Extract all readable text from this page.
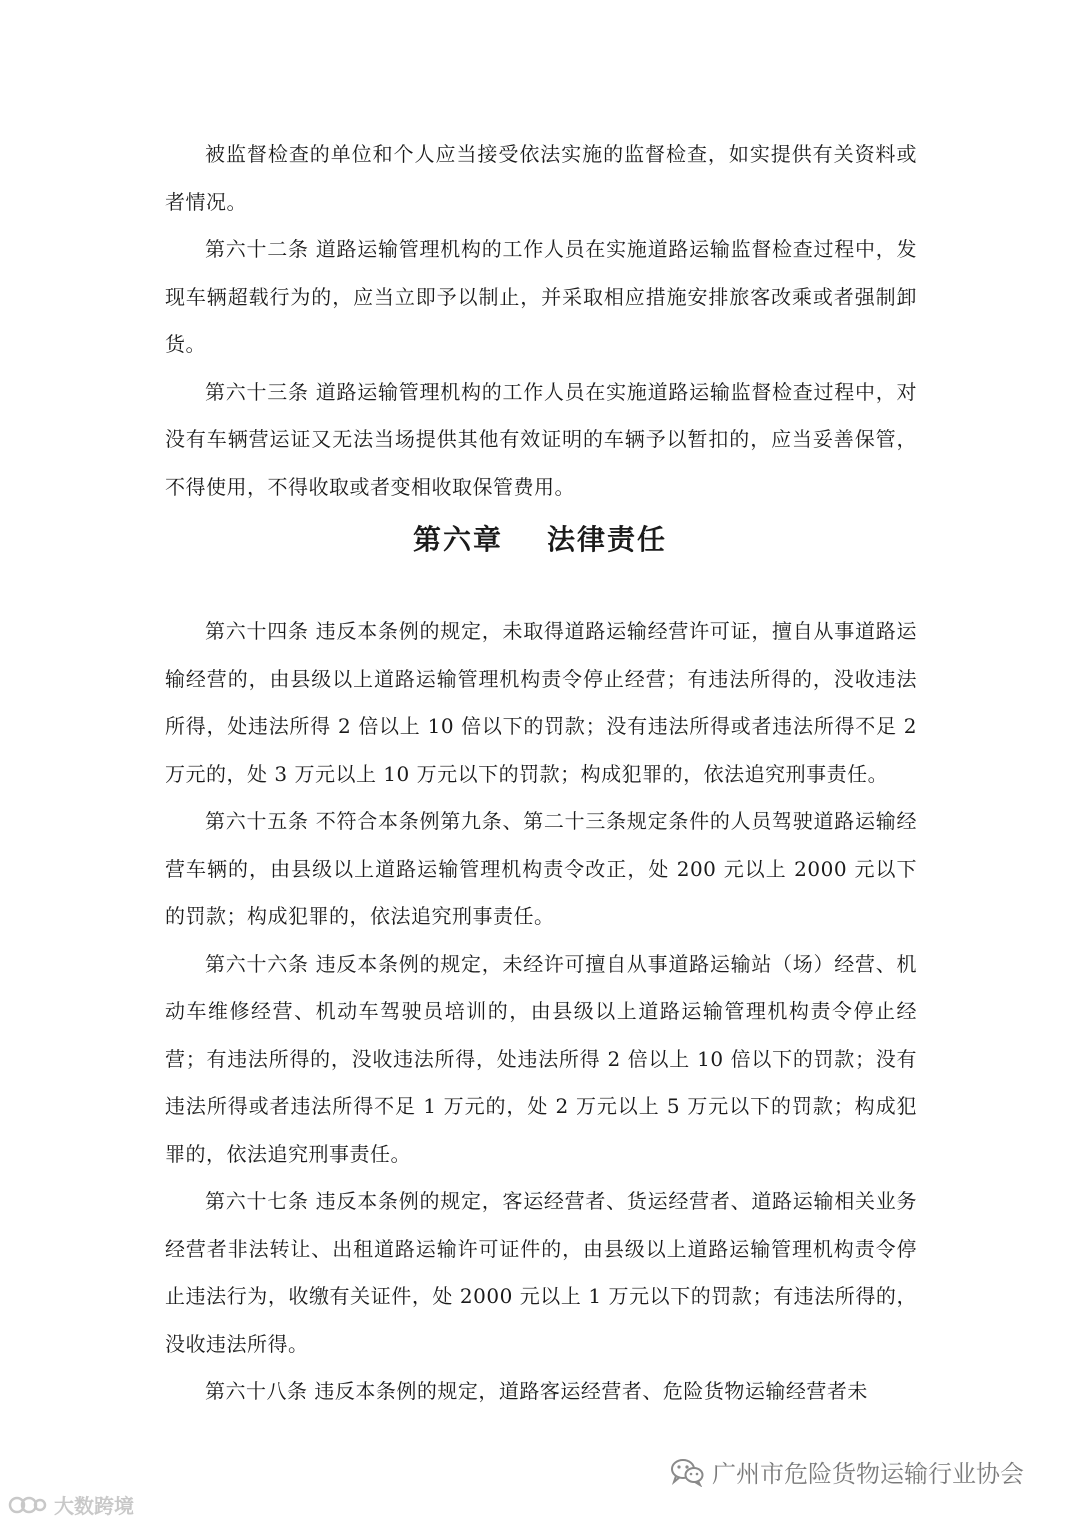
被监督检查的单位和个人应当接受依法实施的监督检查，如实提供有关资料或者情况。

第六十二条 道路运输管理机构的工作人员在实施道路运输监督检查过程中，发现车辆超载行为的，应当立即予以制止，并采取相应措施安排旅客改乘或者强制卸货。

第六十三条 道路运输管理机构的工作人员在实施道路运输监督检查过程中，对没有车辆营运证又无法当场提供其他有效证明的车辆予以暂扣的，应当妥善保管，不得使用，不得收取或者变相收取保管费用。

第六章 法律责任

第六十四条 违反本条例的规定，未取得道路运输经营许可证，擅自从事道路运输经营的，由县级以上道路运输管理机构责令停止经营；有违法所得的，没收违法所得，处违法所得 2 倍以上 10 倍以下的罚款；没有违法所得或者违法所得不足 2 万元的，处 3 万元以上 10 万元以下的罚款；构成犯罪的，依法追究刑事责任。

第六十五条 不符合本条例第九条、第二十三条规定条件的人员驾驶道路运输经营车辆的，由县级以上道路运输管理机构责令改正，处 200 元以上 2000 元以下的罚款；构成犯罪的，依法追究刑事责任。

第六十六条 违反本条例的规定，未经许可擅自从事道路运输站（场）经营、机动车维修经营、机动车驾驶员培训的，由县级以上道路运输管理机构责令停止经营；有违法所得的，没收违法所得，处违法所得 2 倍以上 10 倍以下的罚款；没有违法所得或者违法所得不足 1 万元的，处 2 万元以上 5 万元以下的罚款；构成犯罪的，依法追究刑事责任。

第六十七条 违反本条例的规定，客运经营者、货运经营者、道路运输相关业务经营者非法转让、出租道路运输许可证件的，由县级以上道路运输管理机构责令停止违法行为，收缴有关证件，处 2000 元以上 1 万元以下的罚款；有违法所得的，没收违法所得。

第六十八条 违反本条例的规定，道路客运经营者、危险货物运输经营者未

广州市危险货物运输行业协会
大数跨境
